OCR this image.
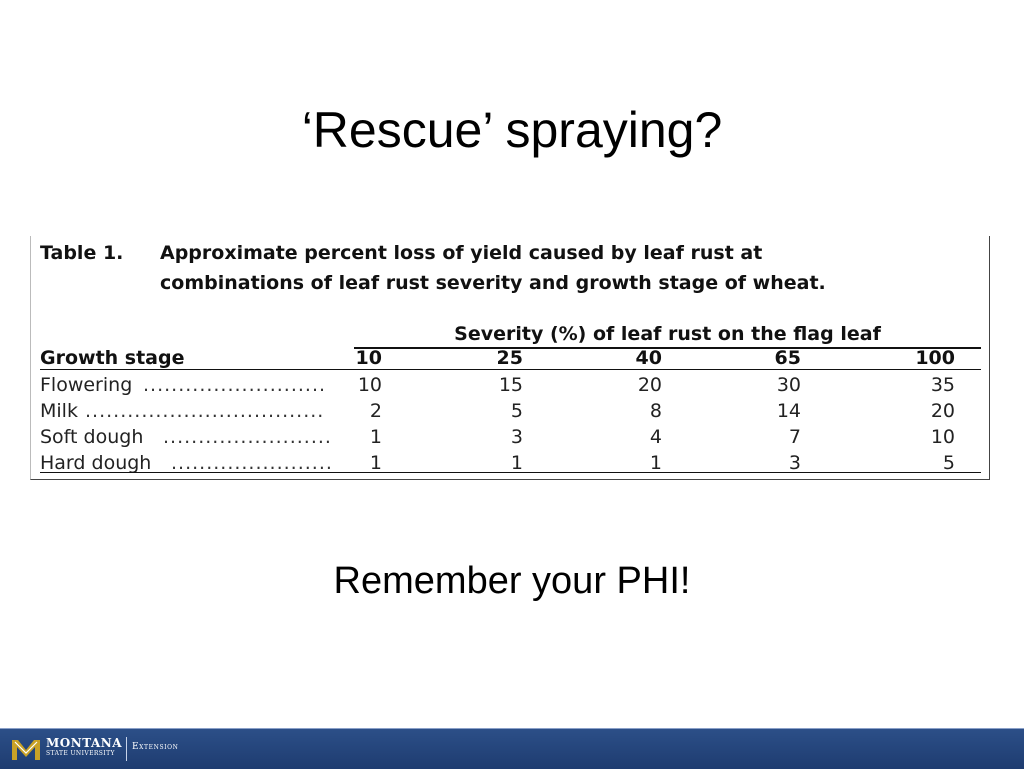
‘Rescue’ spraying?
Table 1. Approximate percent loss of yield caused by leaf rust at
combinations of leaf rust severity and growth stage of wheat.
Severity (%) of leaf rust on the flag leaf
Growth stage	10	25	40	65	100
Flowering ..........................	10	15	20	30	35
Milk ..................................	2	5	8	14	20
Soft dough ........................	1	3	4	7	10
Hard dough .......................	1	1	1	3	5
Remember your PHI!
MONTANA
STATE UNIVERSITY
Extension
